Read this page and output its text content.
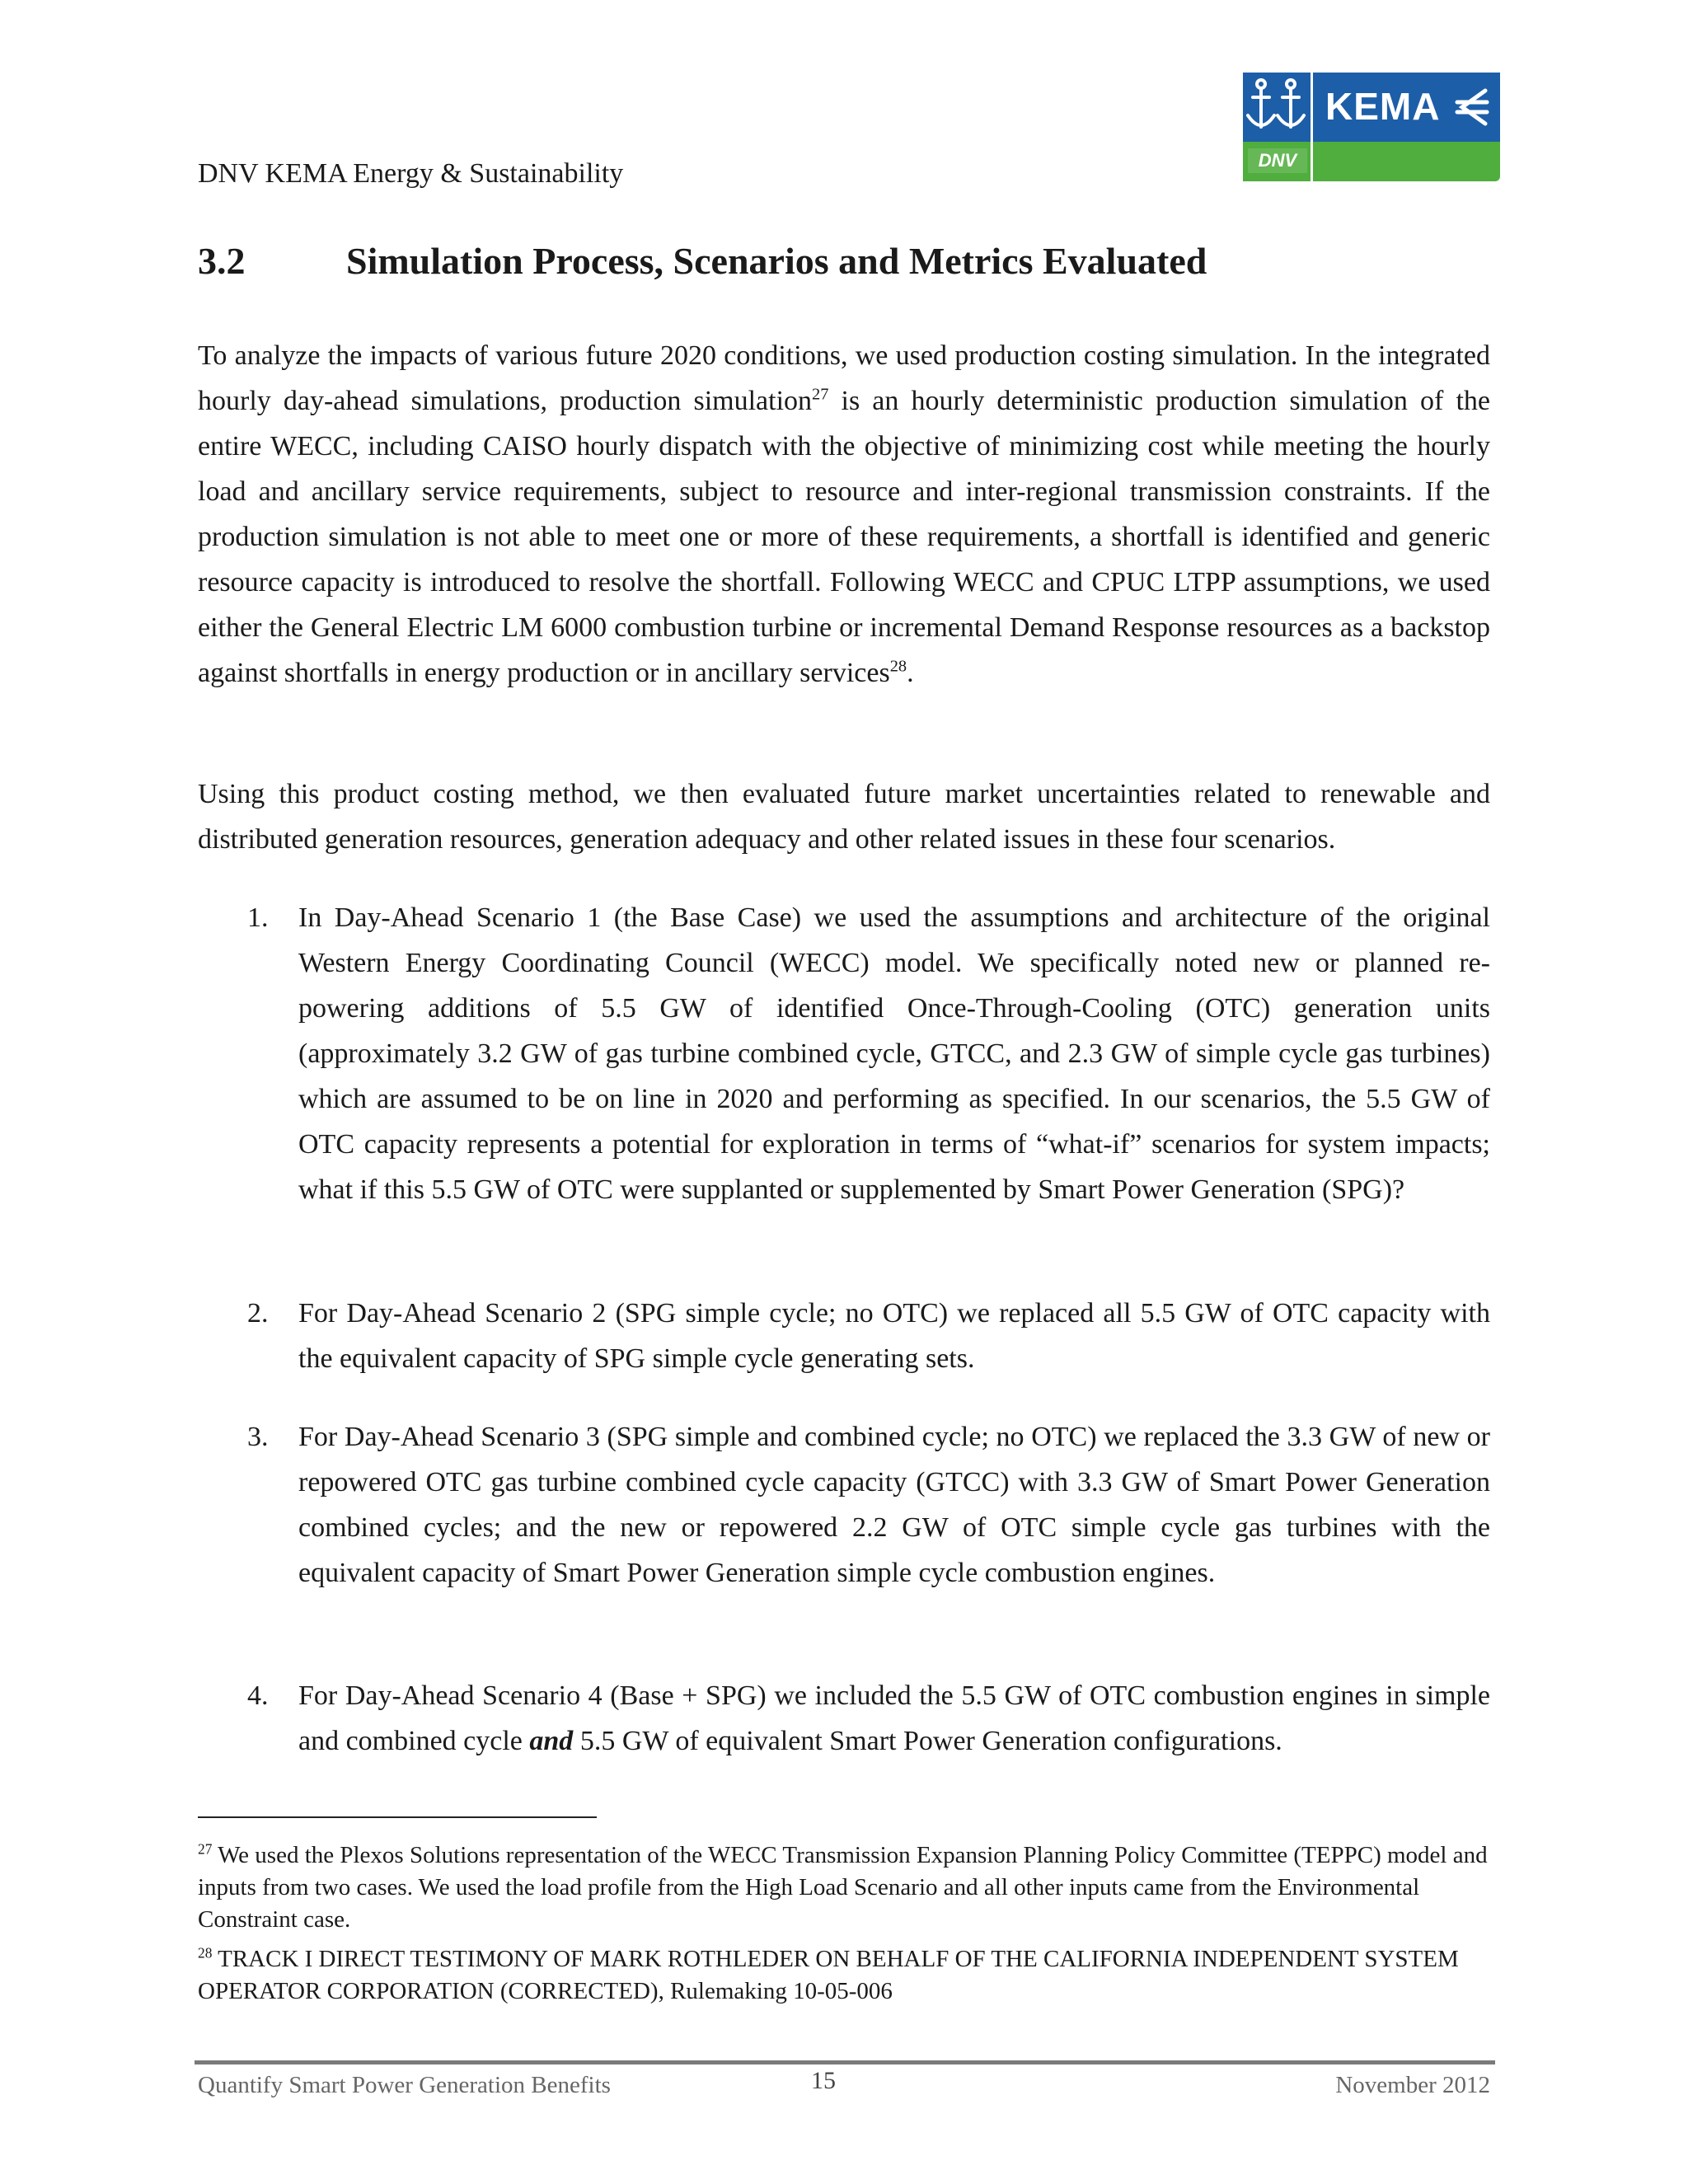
DNV KEMA Energy & Sustainability
KEMA
DNV
3.2	Simulation Process, Scenarios and Metrics Evaluated

To analyze the impacts of various future 2020 conditions, we used production costing simulation. In the integrated hourly day-ahead simulations, production simulation$^{27}$ is an hourly deterministic production simulation of the entire WECC, including CAISO hourly dispatch with the objective of minimizing cost while meeting the hourly load and ancillary service requirements, subject to resource and inter-regional transmission constraints. If the production simulation is not able to meet one or more of these requirements, a shortfall is identified and generic resource capacity is introduced to resolve the shortfall. Following WECC and CPUC LTPP assumptions, we used either the General Electric LM 6000 combustion turbine or incremental Demand Response resources as a backstop against shortfalls in energy production or in ancillary services$^{28}$.

Using this product costing method, we then evaluated future market uncertainties related to renewable and distributed generation resources, generation adequacy and other related issues in these four scenarios.

1. In Day-Ahead Scenario 1 (the Base Case) we used the assumptions and architecture of the original Western Energy Coordinating Council (WECC) model. We specifically noted new or planned re-powering additions of 5.5 GW of identified Once-Through-Cooling (OTC) generation units (approximately 3.2 GW of gas turbine combined cycle, GTCC, and 2.3 GW of simple cycle gas turbines) which are assumed to be on line in 2020 and performing as specified. In our scenarios, the 5.5 GW of OTC capacity represents a potential for exploration in terms of “what-if” scenarios for system impacts; what if this 5.5 GW of OTC were supplanted or supplemented by Smart Power Generation (SPG)?

2. For Day-Ahead Scenario 2 (SPG simple cycle; no OTC) we replaced all 5.5 GW of OTC capacity with the equivalent capacity of SPG simple cycle generating sets.

3. For Day-Ahead Scenario 3 (SPG simple and combined cycle; no OTC) we replaced the 3.3 GW of new or repowered OTC gas turbine combined cycle capacity (GTCC) with 3.3 GW of Smart Power Generation combined cycles; and the new or repowered 2.2 GW of OTC simple cycle gas turbines with the equivalent capacity of Smart Power Generation simple cycle combustion engines.

4. For Day-Ahead Scenario 4 (Base + SPG) we included the 5.5 GW of OTC combustion engines in simple and combined cycle and 5.5 GW of equivalent Smart Power Generation configurations.

$^{27}$ We used the Plexos Solutions representation of the WECC Transmission Expansion Planning Policy Committee (TEPPC) model and inputs from two cases. We used the load profile from the High Load Scenario and all other inputs came from the Environmental Constraint case.

$^{28}$ TRACK I DIRECT TESTIMONY OF MARK ROTHLEDER ON BEHALF OF THE CALIFORNIA INDEPENDENT SYSTEM OPERATOR CORPORATION (CORRECTED), Rulemaking 10-05-006

Quantify Smart Power Generation Benefits	15	November 2012
